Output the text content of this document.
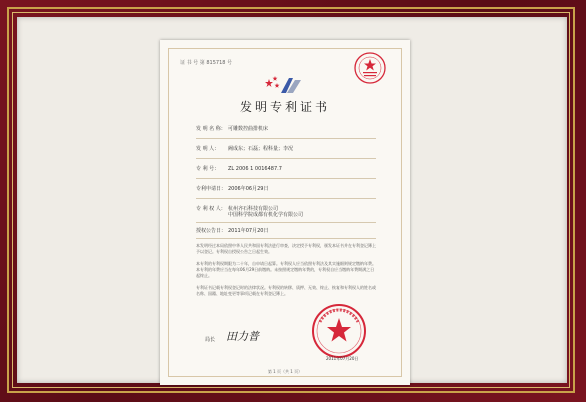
证 书 号 第 815718 号
发明专利证书
发 明 名 称： 可雕数控曲排机床
发 明 人： 阙成东；石磊；程科量；李况
专 利 号： ZL 2006 1 0016487.7
专利申请日： 2006年06月29日
专 利 权 人： 杭州齐石科技有限公司
中国科学院成都有机化学有限公司
授权公告日： 2011年07月20日
本发明经过本局依照中华人民共和国专利法进行审查，决定授予专利权，颁发本证书并在专利登记簿上予以登记。专利权自授权公告之日起生效。
本专利的专利权期限为二十年，自申请日起算。专利权人应当依照专利法及其实施细则规定缴纳年费。本专利的年费应当在每年06月29日前缴纳。未按照规定缴纳年费的，专利权自应当缴纳年费期满之日起终止。
专利证书记载专利权登记时的法律状况。专利权的转移、质押、无效、终止、恢复和专利权人的姓名或名称、国籍、地址变更等事项记载在专利登记簿上。
局长 田力普
2011年07月20日
第 1 页（共 1 页）
